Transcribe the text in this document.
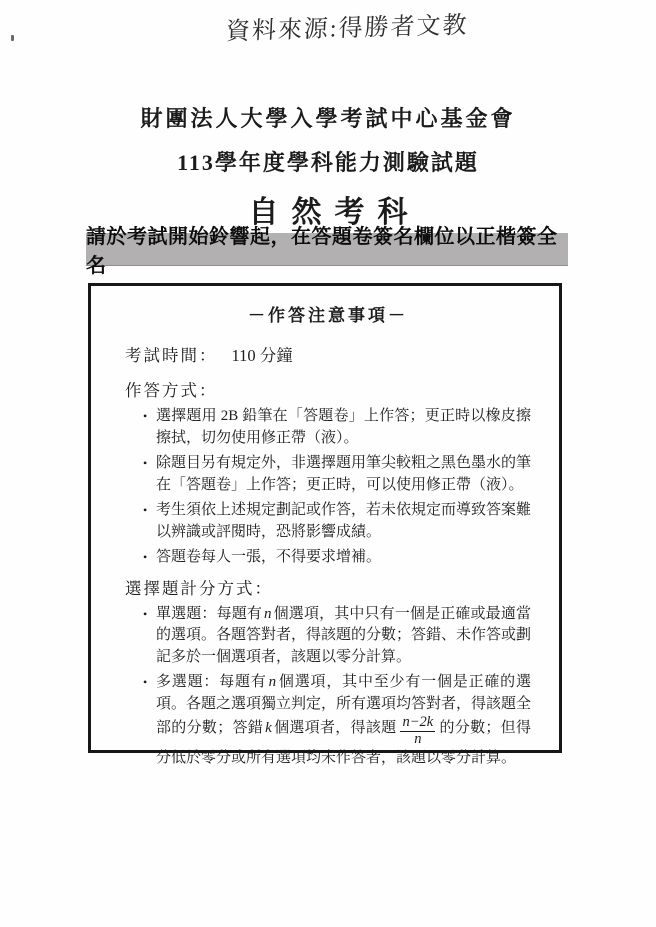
資料來源:得勝者文教
財團法人大學入學考試中心基金會
113學年度學科能力測驗試題
自然考科
請於考試開始鈴響起，在答題卷簽名欄位以正楷簽全名
－作答注意事項－
考試時間： 110 分鐘
作答方式：
• 選擇題用 2B 鉛筆在「答題卷」上作答；更正時以橡皮擦擦拭，切勿使用修正帶（液）。
• 除題目另有規定外，非選擇題用筆尖較粗之黑色墨水的筆在「答題卷」上作答；更正時，可以使用修正帶（液）。
• 考生須依上述規定劃記或作答，若未依規定而導致答案難以辨識或評閱時，恐將影響成績。
• 答題卷每人一張，不得要求增補。
選擇題計分方式：
• 單選題：每題有 n 個選項，其中只有一個是正確或最適當的選項。各題答對者，得該題的分數；答錯、未作答或劃記多於一個選項者，該題以零分計算。
• 多選題：每題有 n 個選項，其中至少有一個是正確的選項。各題之選項獨立判定，所有選項均答對者，得該題全部的分數；答錯 k 個選項者，得該題 $\frac{n-2k}{n}$ 的分數；但得分低於零分或所有選項均未作答者，該題以零分計算。
